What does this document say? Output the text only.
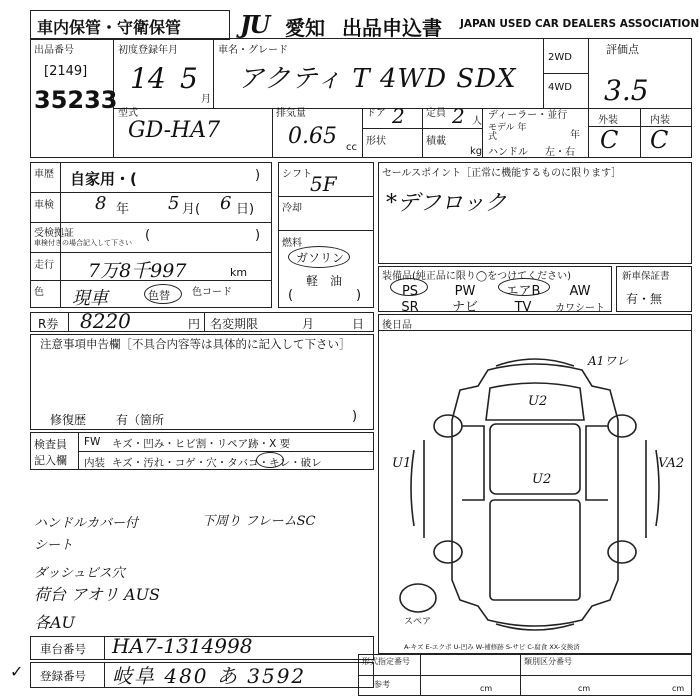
車内保管・守衛保管 JU 愛知 出品申込書 JAPAN USED CAR DEALERS ASSOCIATION
出品番号
[2149]
35233
初度登録年月
14 5
月
車名・グレード
アクティ T 4WD SDX
2WD
4WD
評価点
3.5
型式
GD-HA7
排気量
0.65 cc
ドア 2 定員 2 人
形状	積載
kg
ディーラー・並行
モデル 年式	年
ハンドル 左・右
外装	内装
C C
車歴 自家用・(	)
車検 8 年 5 月( 6 日)
受検拠証
車検付きの場合記入して下さい (	)
走行 7万8千997	km
色 現車	色替 色コード
シフト
5F
冷却
燃料
ガソリン
軽　油
(	)
セールスポイント［正常に機能するものに限ります］
*デフロック
装備品(純正品に限り◯をつけてください)
PS	PW エアB AW
SR	ナビ	TV カワシート
新車保証書
有・無
R券 8220	円 名変期限	月	日
注意事項申告欄［不具合内容等は具体的に記入して下さい］
修復歴 有（箇所	)
検査員
記入欄
FW キズ・凹み・ヒビ割・リペア跡・X 要
内装 キズ・汚れ・コゲ・穴・タバコ・キレ・破レ
ハンドルカバー付	下周り フレームSC
シート
ダッシュビス穴
荷台 アオリ AUS
各AU
後日品
A1ワレ
U2
U2
U1	VA2
スペア
A-キズ E-エクボ U-凹み W-補修跡 S-サビ C-腐食 XX-交換済
車台番号 HA7-1314998
登録番号 岐阜 480 あ 3592
✓
形式指定番号	類別区分番号
参考	cm	cm	cm
